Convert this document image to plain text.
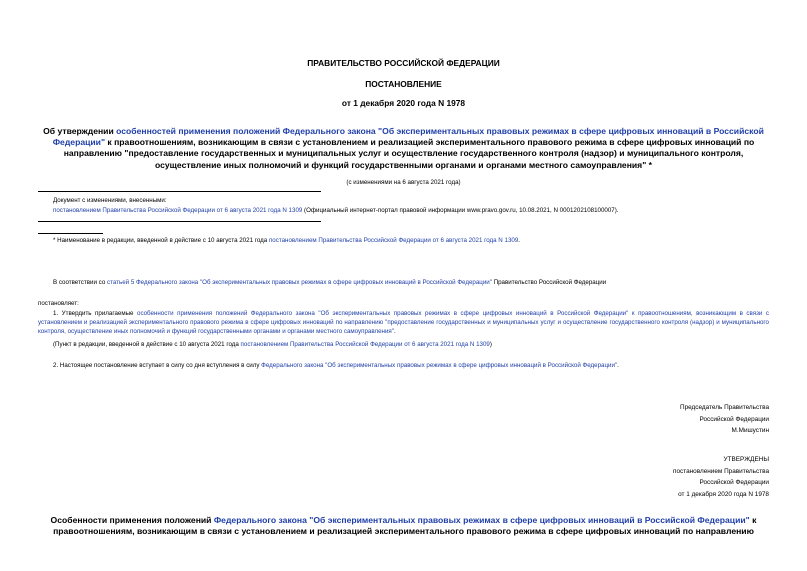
ПРАВИТЕЛЬСТВО РОССИЙСКОЙ ФЕДЕРАЦИИ
ПОСТАНОВЛЕНИЕ
от 1 декабря 2020 года N 1978
Об утверждении особенностей применения положений Федерального закона "Об экспериментальных правовых режимах в сфере цифровых инноваций в Российской Федерации" к правоотношениям, возникающим в связи с установлением и реализацией экспериментального правового режима в сфере цифровых инноваций по направлению "предоставление государственных и муниципальных услуг и осуществление государственного контроля (надзор) и муниципального контроля, осуществление иных полномочий и функций государственными органами и органами местного самоуправления" *
(с изменениями на 6 августа 2021 года)
Документ с изменениями, внесенными:
постановлением Правительства Российской Федерации от 6 августа 2021 года N 1309 (Официальный интернет-портал правовой информации www.pravo.gov.ru, 10.08.2021, N 0001202108100007).
* Наименование в редакции, введенной в действие с 10 августа 2021 года постановлением Правительства Российской Федерации от 6 августа 2021 года N 1309.
В соответствии со статьей 5 Федерального закона "Об экспериментальных правовых режимах в сфере цифровых инноваций в Российской Федерации" Правительство Российской Федерации
постановляет:
1. Утвердить прилагаемые особенности применения положений Федерального закона "Об экспериментальных правовых режимах в сфере цифровых инноваций в Российской Федерации" к правоотношениям, возникающим в связи с установлением и реализацией экспериментального правового режима в сфере цифровых инноваций по направлению "предоставление государственных и муниципальных услуг и осуществление государственного контроля (надзор) и муниципального контроля, осуществление иных полномочий и функций государственными органами и органами местного самоуправления".
(Пункт в редакции, введенной в действие с 10 августа 2021 года постановлением Правительства Российской Федерации от 6 августа 2021 года N 1309)
2. Настоящее постановление вступает в силу со дня вступления в силу Федерального закона "Об экспериментальных правовых режимах в сфере цифровых инноваций в Российской Федерации".
Председатель Правительства
Российской Федерации
М.Мишустин
УТВЕРЖДЕНЫ
постановлением Правительства
Российской Федерации
от 1 декабря 2020 года N 1978
Особенности применения положений Федерального закона "Об экспериментальных правовых режимах в сфере цифровых инноваций в Российской Федерации" к правоотношениям, возникающим в связи с установлением и реализацией экспериментального правового режима в сфере цифровых инноваций по направлению
